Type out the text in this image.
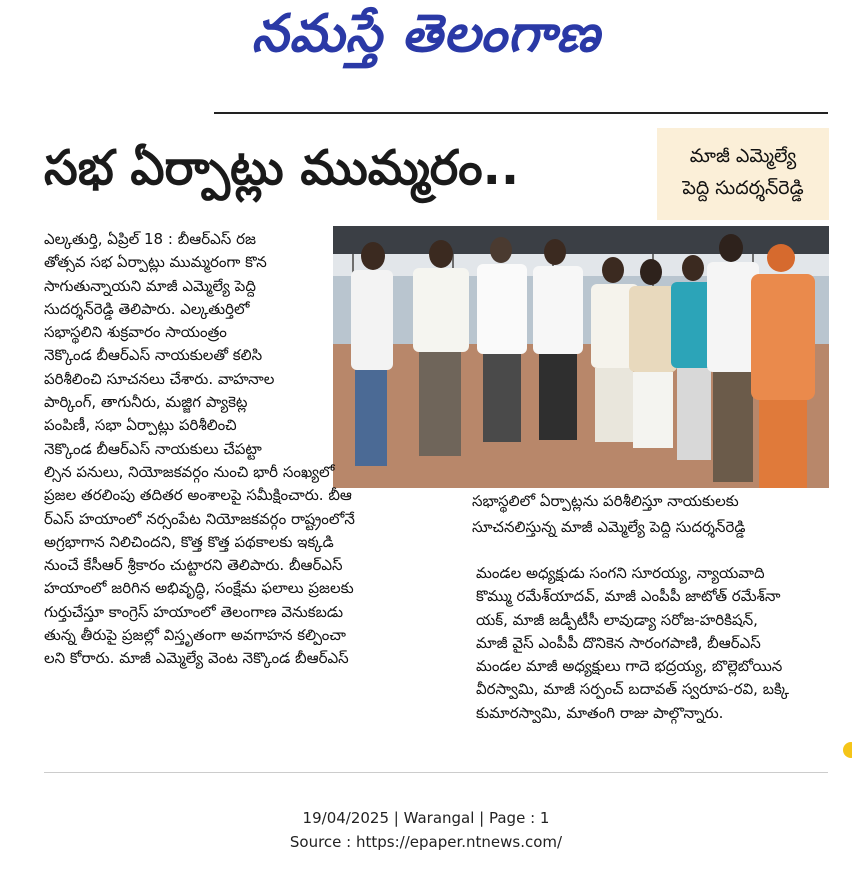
నమస్తే తెలంగాణ
సభ ఏర్పాట్లు ముమ్మరం..	మాజీ ఎమ్మెల్యే
పెద్ది సుదర్శన్‌రెడ్డి
సభాస్థలిలో ఏర్పాట్లను పరిశీలిస్తూ నాయకులకు
సూచనలిస్తున్న మాజీ ఎమ్మెల్యే పెద్ది సుదర్శన్‌రెడ్డి
ఎల్కతుర్తి, ఏప్రిల్ 18 : బీఆర్‌ఎస్ రజ
తోత్సవ సభ ఏర్పాట్లు ముమ్మరంగా కొన
సాగుతున్నాయని మాజీ ఎమ్మెల్యే పెద్ది
సుదర్శన్‌రెడ్డి తెలిపారు. ఎల్కతుర్తిలో
సభాస్థలిని శుక్రవారం సాయంత్రం
నెక్కొండ బీఆర్‌ఎస్ నాయకులతో కలిసి
పరిశీలించి సూచనలు చేశారు. వాహనాల
పార్కింగ్, తాగునీరు, మజ్జిగ ప్యాకెట్ల
పంపిణీ, సభా ఏర్పాట్లు పరిశీలించి
నెక్కొండ బీఆర్‌ఎస్ నాయకులు చేపట్టా
ల్సిన పనులు, నియోజకవర్గం నుంచి భారీ సంఖ్యలో
ప్రజల తరలింపు తదితర అంశాలపై సమీక్షించారు. బీఆ
ర్‌ఎస్ హయాంలో నర్సంపేట నియోజకవర్గం రాష్ట్రంలోనే
అగ్రభాగాన నిలిచిందని, కొత్త కొత్త పథకాలకు ఇక్కడి
నుంచే కేసీఆర్ శ్రీకారం చుట్టారని తెలిపారు. బీఆర్‌ఎస్
హయాంలో జరిగిన అభివృద్ధి, సంక్షేమ ఫలాలు ప్రజలకు
గుర్తుచేస్తూ కాంగ్రెస్ హయాంలో తెలంగాణ వెనుకబడు
తున్న తీరుపై ప్రజల్లో విస్తృతంగా అవగాహన కల్పించా
లని కోరారు. మాజీ ఎమ్మెల్యే వెంట నెక్కొండ బీఆర్‌ఎస్
మండల అధ్యక్షుడు సంగని సూరయ్య, న్యాయవాది
కొమ్ము రమేశ్‌యాదవ్, మాజీ ఎంపీపీ జాటోత్ రమేశ్‌నా
యక్, మాజీ జడ్పీటీసీ లావుడ్యా సరోజ-హరికిషన్,
మాజీ వైస్ ఎంపీపీ దొనికెన సారంగపాణి, బీఆర్‌ఎస్
మండల మాజీ అధ్యక్షులు గాదె భద్రయ్య, బొల్లెబోయిన
వీరస్వామి, మాజీ సర్పంచ్ బదావత్ స్వరూప-రవి, బక్కి
కుమారస్వామి, మాతంగి రాజు పాల్గొన్నారు.
19/04/2025 | Warangal | Page : 1
Source : https://epaper.ntnews.com/
